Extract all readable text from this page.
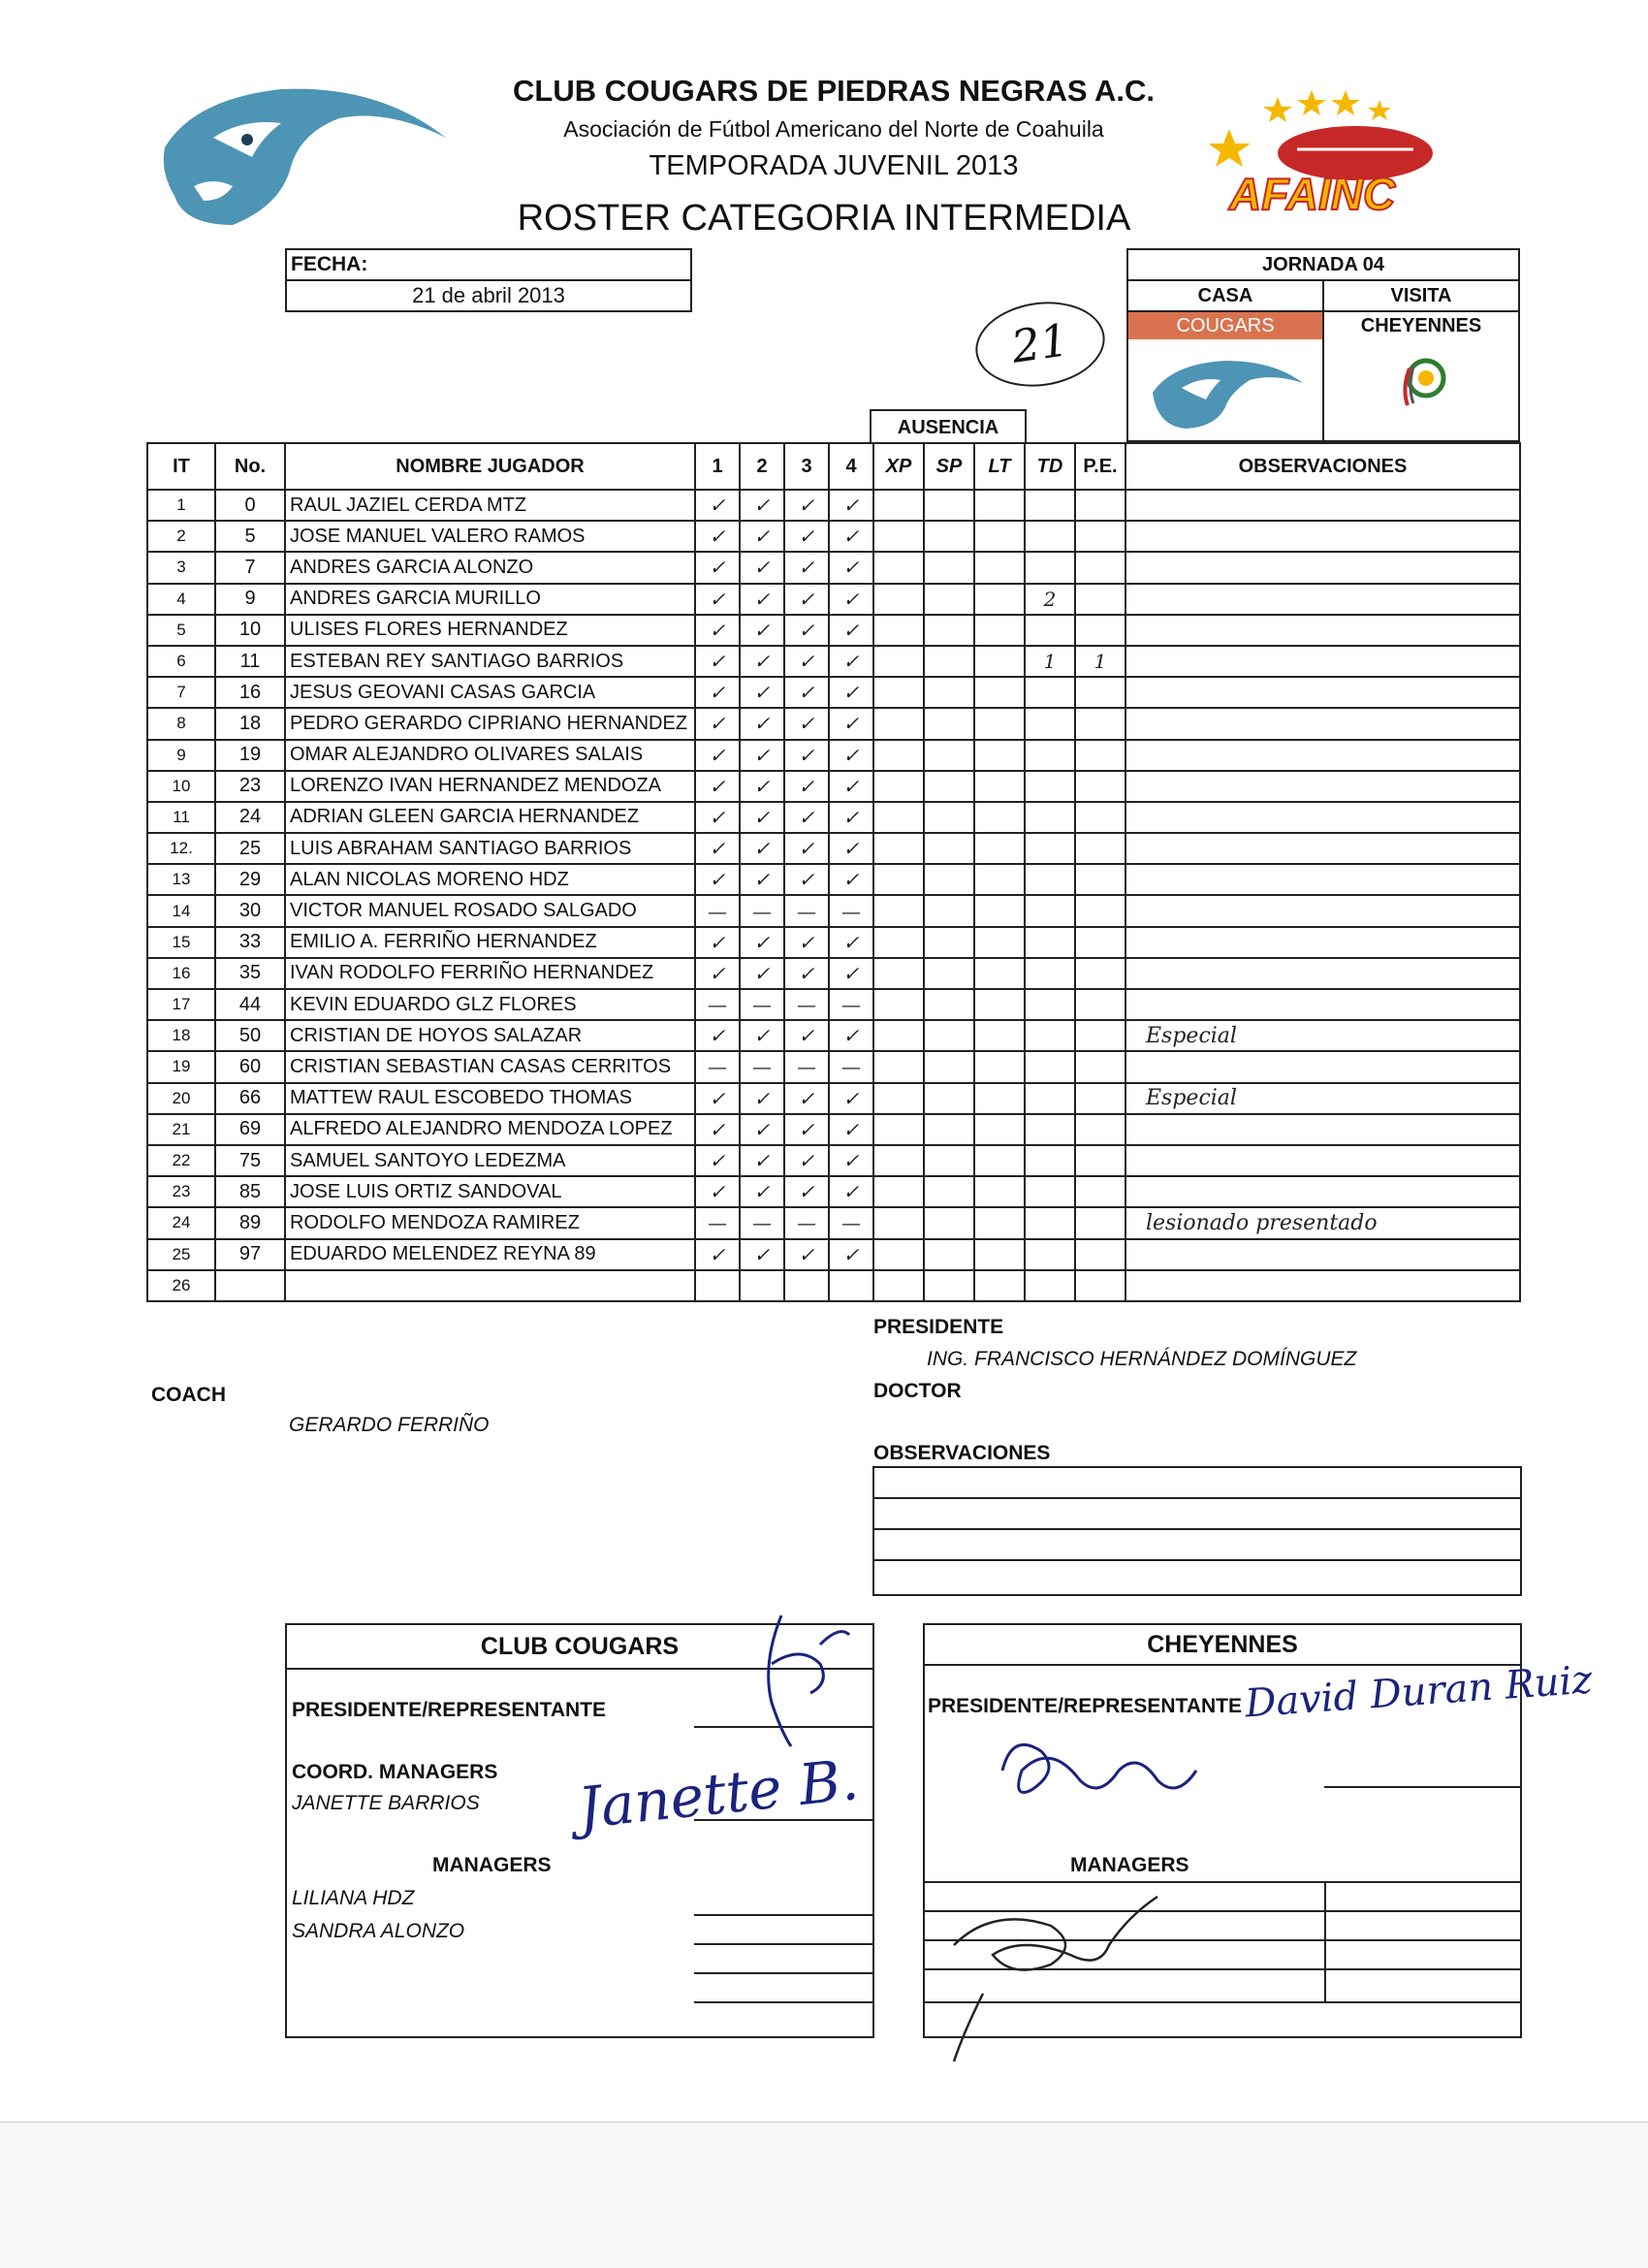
CLUB COUGARS DE PIEDRAS NEGRAS A.C.
Asociación de Fútbol Americano del Norte de Coahuila
TEMPORADA JUVENIL 2013
ROSTER CATEGORIA INTERMEDIA	AFAINC
FECHA:
21 de abril 2013
21
JORNADA 04
CASA
COUGARS
VISITA
CHEYENNES
AUSENCIA
IT	No.	NOMBRE JUGADOR	1	2	3	4	XP	SP	LT	TD	P.E.	OBSERVACIONES
1	0	RAUL JAZIEL CERDA MTZ	✓	✓	✓	✓						
2	5	JOSE MANUEL VALERO RAMOS	✓	✓	✓	✓						
3	7	ANDRES GARCIA ALONZO	✓	✓	✓	✓						
4	9	ANDRES GARCIA MURILLO	✓	✓	✓	✓				2		
5	10	ULISES FLORES HERNANDEZ	✓	✓	✓	✓						
6	11	ESTEBAN REY SANTIAGO BARRIOS	✓	✓	✓	✓				1	1	
7	16	JESUS GEOVANI CASAS GARCIA	✓	✓	✓	✓						
8	18	PEDRO GERARDO CIPRIANO HERNANDEZ	✓	✓	✓	✓						
9	19	OMAR ALEJANDRO OLIVARES SALAIS	✓	✓	✓	✓						
10	23	LORENZO IVAN HERNANDEZ MENDOZA	✓	✓	✓	✓						
11	24	ADRIAN GLEEN GARCIA HERNANDEZ	✓	✓	✓	✓						
12.	25	LUIS ABRAHAM SANTIAGO BARRIOS	✓	✓	✓	✓						
13	29	ALAN NICOLAS MORENO HDZ	✓	✓	✓	✓						
14	30	VICTOR MANUEL ROSADO SALGADO	—	—	—	—						
15	33	EMILIO A. FERRIÑO HERNANDEZ	✓	✓	✓	✓						
16	35	IVAN RODOLFO FERRIÑO HERNANDEZ	✓	✓	✓	✓						
17	44	KEVIN EDUARDO GLZ FLORES	—	—	—	—						
18	50	CRISTIAN DE HOYOS SALAZAR	✓	✓	✓	✓						Especial
19	60	CRISTIAN SEBASTIAN CASAS CERRITOS	—	—	—	—						
20	66	MATTEW RAUL ESCOBEDO THOMAS	✓	✓	✓	✓						Especial
21	69	ALFREDO ALEJANDRO MENDOZA LOPEZ	✓	✓	✓	✓						
22	75	SAMUEL SANTOYO LEDEZMA	✓	✓	✓	✓						
23	85	JOSE LUIS ORTIZ SANDOVAL	✓	✓	✓	✓						
24	89	RODOLFO MENDOZA RAMIREZ	—	—	—	—						lesionado presentado
25	97	EDUARDO MELENDEZ REYNA 89	✓	✓	✓	✓						
26												
PRESIDENTE
ING. FRANCISCO HERNÁNDEZ DOMÍNGUEZ
DOCTOR
COACH
GERARDO FERRIÑO
OBSERVACIONES
CLUB COUGARS
PRESIDENTE/REPRESENTANTE
COORD. MANAGERS
JANETTE BARRIOS
MANAGERS
LILIANA HDZ
SANDRA ALONZO
Janette B.
CHEYENNES
PRESIDENTE/REPRESENTANTE
MANAGERS
David Duran Ruiz
